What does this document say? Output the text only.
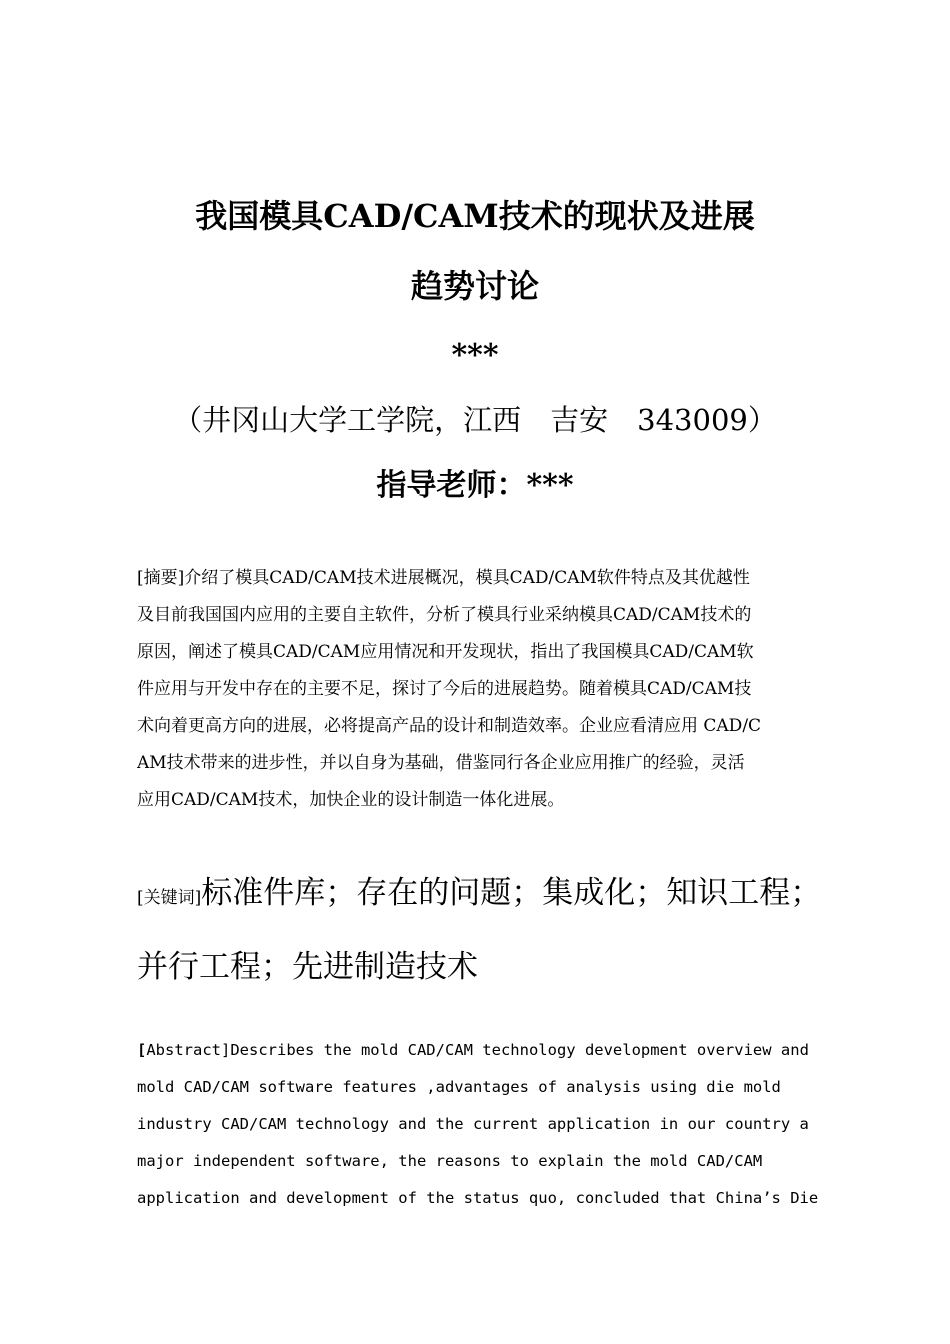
我国模具CAD/CAM技术的现状及进展
趋势讨论
***
（井冈山大学工学院，江西　吉安　343009）
指导老师：***
[摘要]介绍了模具CAD/CAM技术进展概况，模具CAD/CAM软件特点及其优越性
及目前我国国内应用的主要自主软件，分析了模具行业采纳模具CAD/CAM技术的
原因，阐述了模具CAD/CAM应用情况和开发现状，指出了我国模具CAD/CAM软
件应用与开发中存在的主要不足，探讨了今后的进展趋势。随着模具CAD/CAM技
术向着更高方向的进展，必将提高产品的设计和制造效率。企业应看清应用 CAD/C
AM技术带来的进步性，并以自身为基础，借鉴同行各企业应用推广的经验，灵活
应用CAD/CAM技术，加快企业的设计制造一体化进展。
[关键词]标准件库；存在的问题；集成化；知识工程；
并行工程；先进制造技术
[Abstract]Describes the mold CAD/CAM technology development overview and
mold CAD/CAM software features ,advantages of analysis using die mold
industry CAD/CAM technology and the current application in our country a
major independent software, the reasons to explain the mold CAD/CAM
application and development of the status quo, concluded that China’s Die
